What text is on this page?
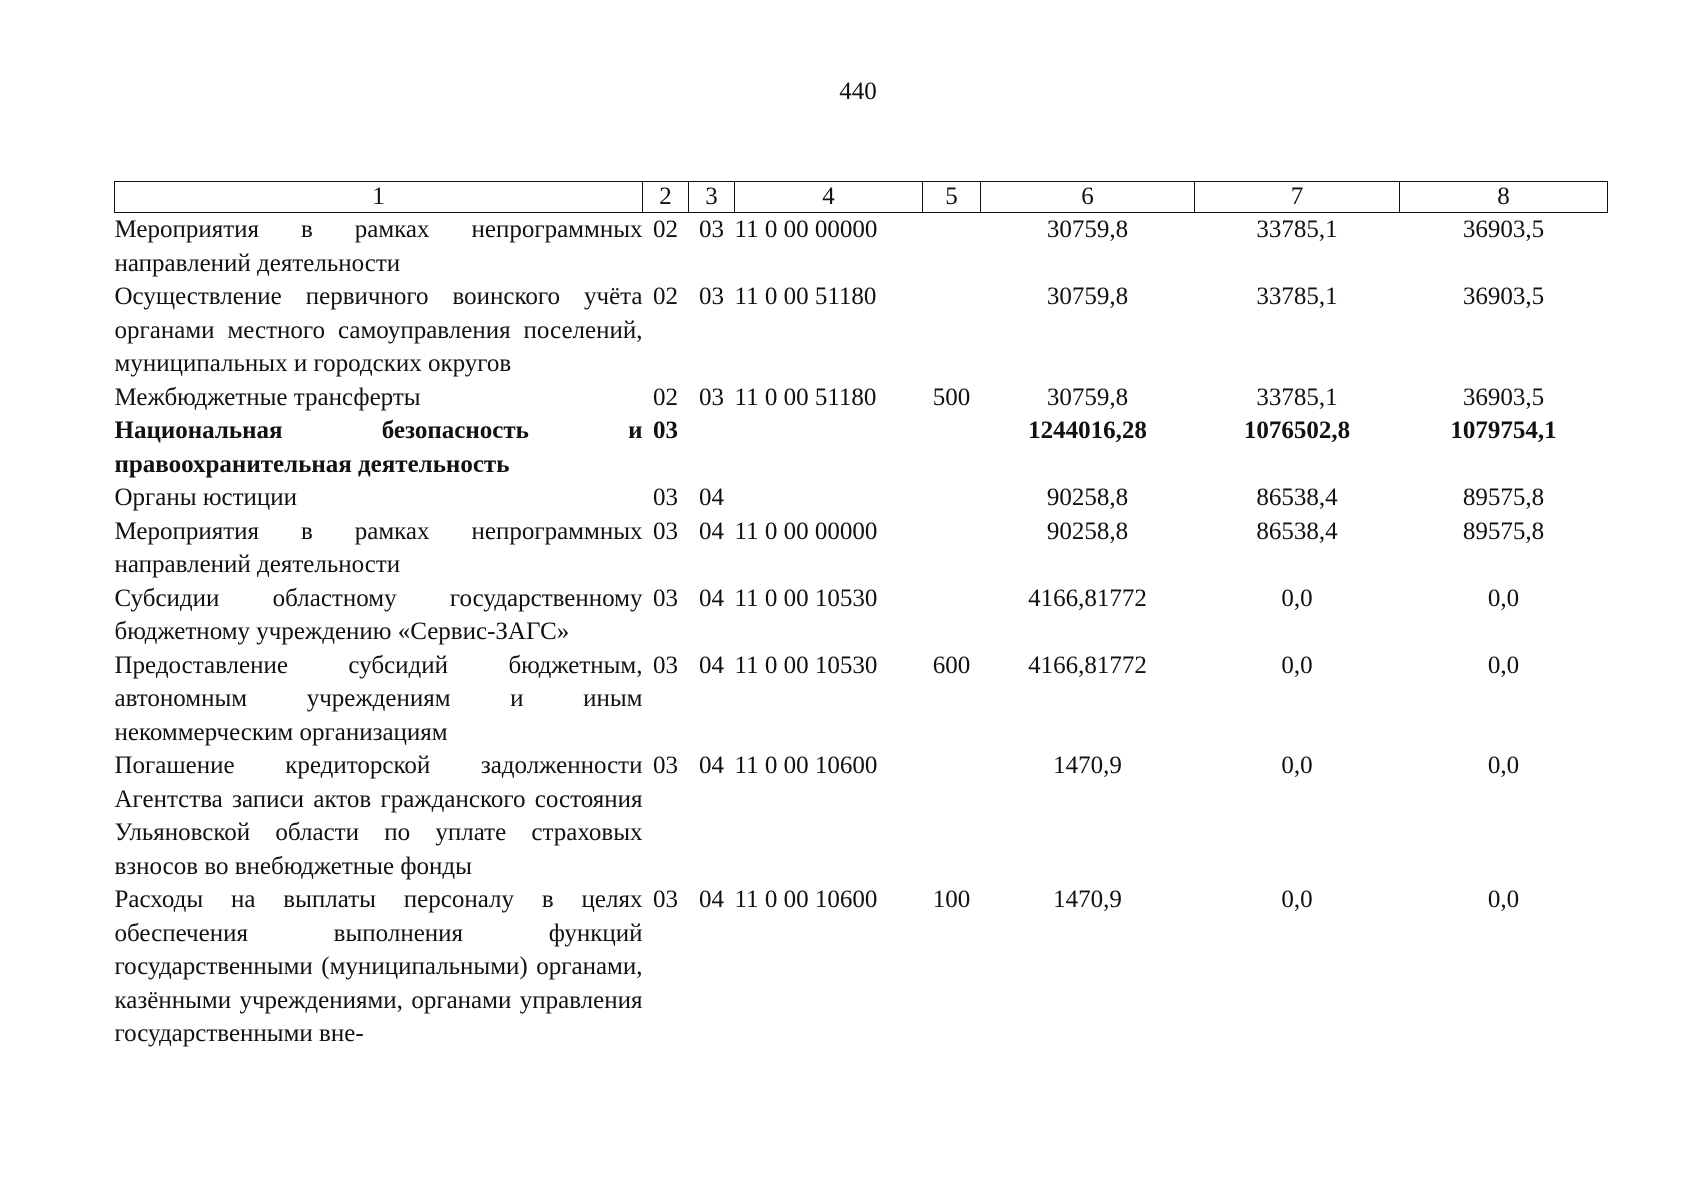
440
1	2	3	4	5	6	7	8
Мероприятия в рамках непрограммных направлений деятельности	02	03	11 0 00 00000		30759,8	33785,1	36903,5
Осуществление первичного воинского учёта органами местного самоуправления поселений, муниципальных и городских округов	02	03	11 0 00 51180		30759,8	33785,1	36903,5
Межбюджетные трансферты	02	03	11 0 00 51180	500	30759,8	33785,1	36903,5
Национальная безопасность и правоохранительная деятельность	03				1244016,28	1076502,8	1079754,1
Органы юстиции	03	04			90258,8	86538,4	89575,8
Мероприятия в рамках непрограммных направлений деятельности	03	04	11 0 00 00000		90258,8	86538,4	89575,8
Субсидии областному государственному бюджетному учреждению «Сервис-ЗАГС»	03	04	11 0 00 10530		4166,81772	0,0	0,0
Предоставление субсидий бюджетным, автономным учреждениям и иным некоммерческим организациям	03	04	11 0 00 10530	600	4166,81772	0,0	0,0
Погашение кредиторской задолженности Агентства записи актов гражданского состояния Ульяновской области по уплате страховых взносов во внебюджетные фонды	03	04	11 0 00 10600		1470,9	0,0	0,0
Расходы на выплаты персоналу в целях обеспечения выполнения функций государственными (муниципальными) органами, казёнными учреждениями, органами управления государственными вне-	03	04	11 0 00 10600	100	1470,9	0,0	0,0
